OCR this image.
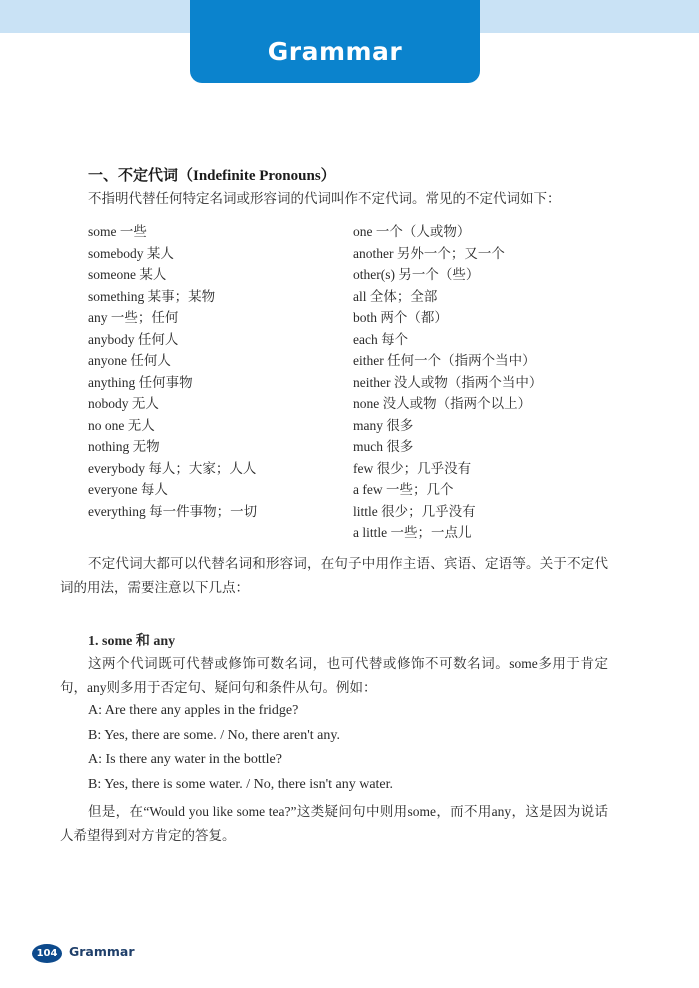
Grammar
一、不定代词（Indefinite Pronouns）
不指明代替任何特定名词或形容词的代词叫作不定代词。常见的不定代词如下：
some 一些
somebody 某人
someone 某人
something 某事；某物
any 一些；任何
anybody 任何人
anyone 任何人
anything 任何事物
nobody 无人
no one 无人
nothing 无物
everybody 每人；大家；人人
everyone 每人
everything 每一件事物；一切
one 一个（人或物）
another 另外一个；又一个
other(s) 另一个（些）
all 全体；全部
both 两个（都）
each 每个
either 任何一个（指两个当中）
neither 没人或物（指两个当中）
none 没人或物（指两个以上）
many 很多
much 很多
few 很少；几乎没有
a few 一些；几个
little 很少；几乎没有
a little 一些；一点儿
不定代词大都可以代替名词和形容词，在句子中用作主语、宾语、定语等。关于不定代词的用法，需要注意以下几点：
1. some 和 any
这两个代词既可代替或修饰可数名词，也可代替或修饰不可数名词。some多用于肯定句，any则多用于否定句、疑问句和条件从句。例如：
A: Are there any apples in the fridge?
B: Yes, there are some. / No, there aren't any.
A: Is there any water in the bottle?
B: Yes, there is some water. / No, there isn't any water.
但是，在“Would you like some tea?”这类疑问句中则用some，而不用any，这是因为说话人希望得到对方肯定的答复。
104 Grammar
